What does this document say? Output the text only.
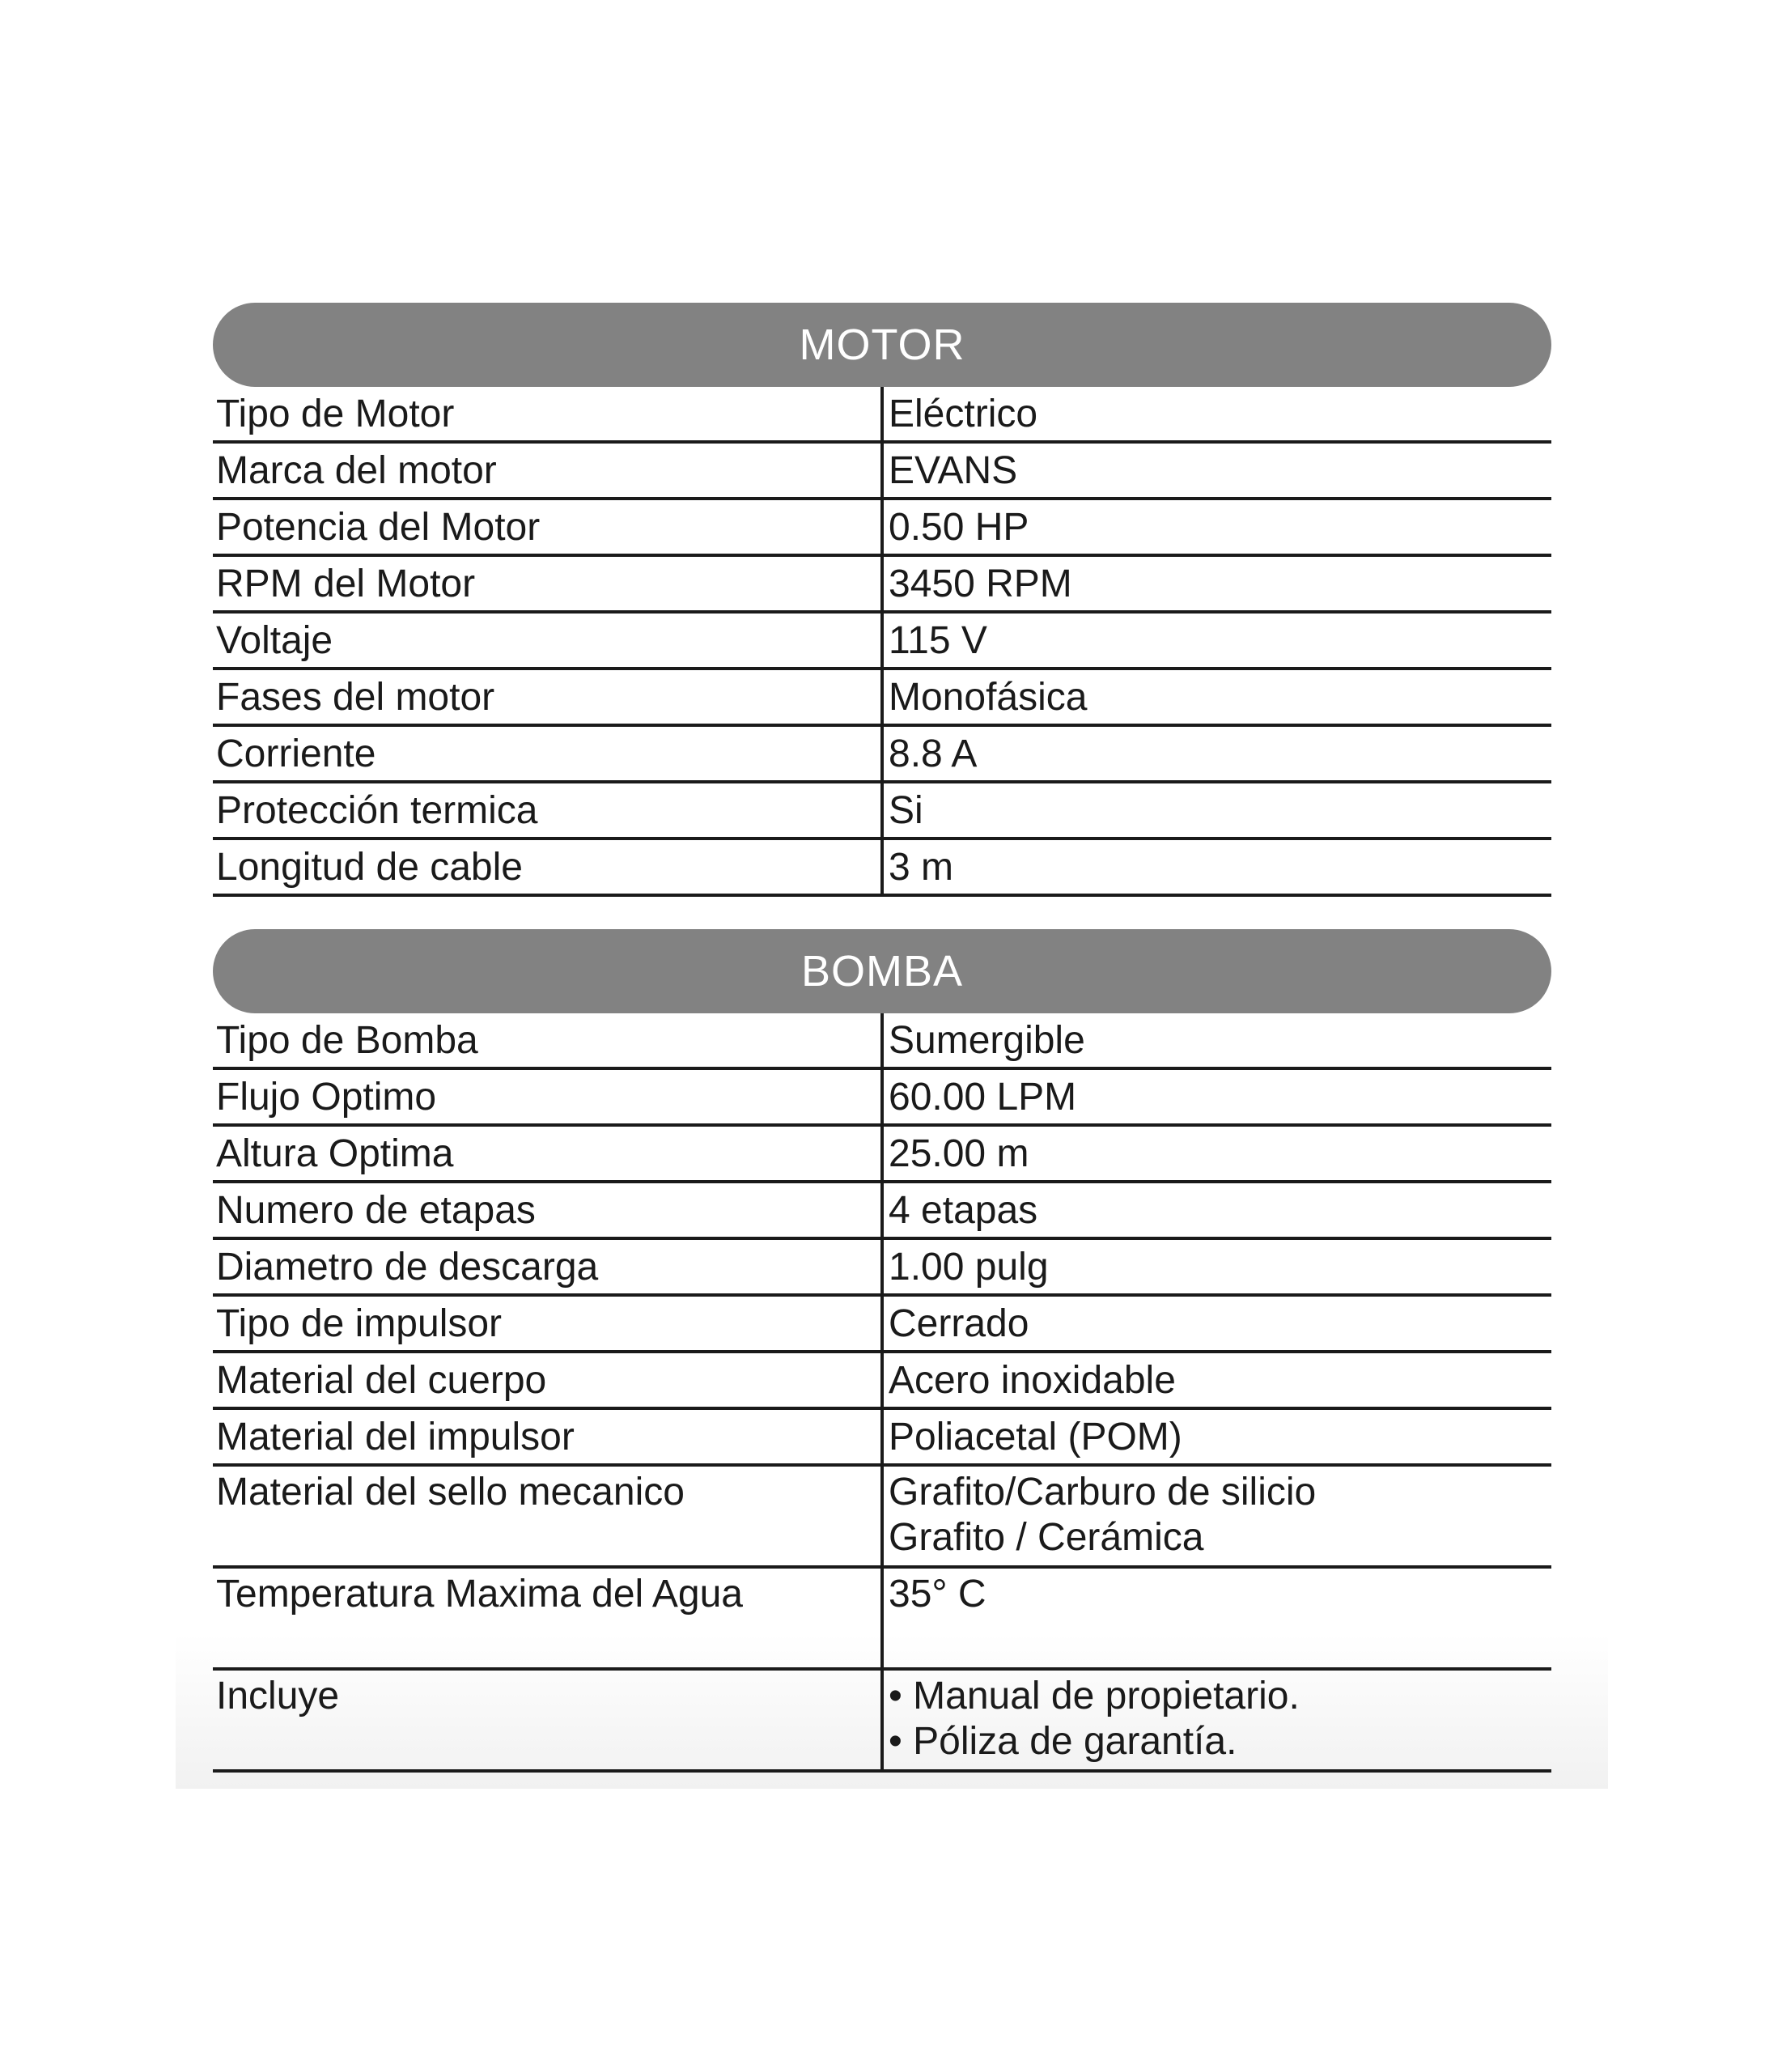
MOTOR
Tipo de Motor	Eléctrico
Marca del motor	EVANS
Potencia del Motor	0.50 HP
RPM del Motor	3450 RPM
Voltaje	115 V
Fases del motor	Monofásica
Corriente	8.8 A
Protección termica	Si
Longitud de cable	3 m
BOMBA
Tipo de Bomba	Sumergible
Flujo Optimo	60.00 LPM
Altura Optima	25.00 m
Numero de etapas	4 etapas
Diametro de descarga	1.00 pulg
Tipo de impulsor	Cerrado
Material del cuerpo	Acero inoxidable
Material del impulsor	Poliacetal (POM)
Material del sello mecanico	Grafito/Carburo de silicio
Grafito / Cerámica
Temperatura Maxima del Agua	35° C
Incluye	• Manual de propietario.
• Póliza de garantía.
